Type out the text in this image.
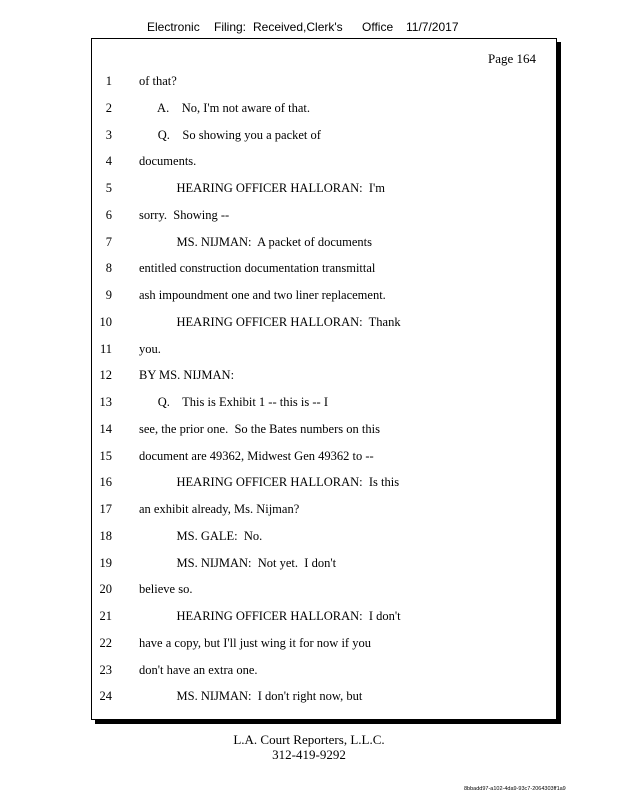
Electronic Filing: Received,Clerk's Office 11/7/2017
Page 164
1 of that?
2 A.    No, I'm not aware of that.
3 Q.    So showing you a packet of
4 documents.
5 HEARING OFFICER HALLORAN:  I'm
6 sorry.  Showing --
7 MS. NIJMAN:  A packet of documents
8 entitled construction documentation transmittal
9 ash impoundment one and two liner replacement.
10 HEARING OFFICER HALLORAN:  Thank
11 you.
12 BY MS. NIJMAN:
13 Q.    This is Exhibit 1 -- this is -- I
14 see, the prior one.  So the Bates numbers on this
15 document are 49362, Midwest Gen 49362 to --
16 HEARING OFFICER HALLORAN:  Is this
17 an exhibit already, Ms. Nijman?
18 MS. GALE:  No.
19 MS. NIJMAN:  Not yet.  I don't
20 believe so.
21 HEARING OFFICER HALLORAN:  I don't
22 have a copy, but I'll just wing it for now if you
23 don't have an extra one.
24 MS. NIJMAN:  I don't right now, but
L.A. Court Reporters, L.L.C.
312-419-9292
8bbadd97-a102-4da9-93c7-2064303ff1a9
